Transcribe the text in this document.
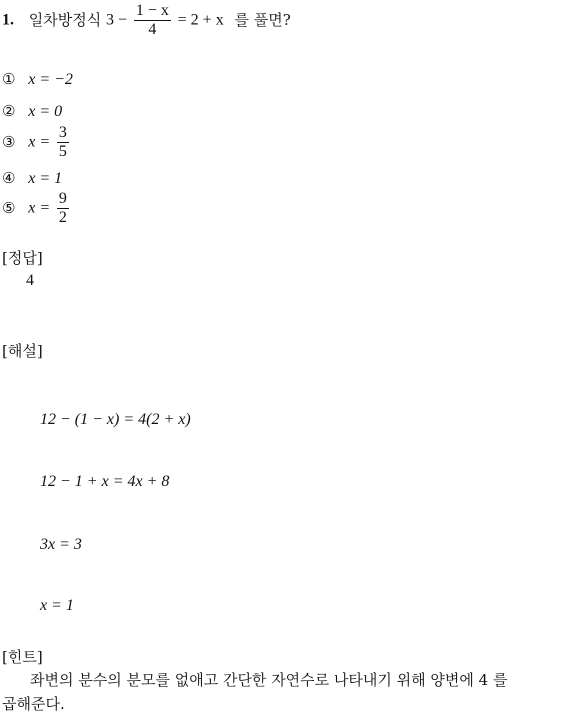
1. 일차방정식 $3 - \frac{1 - x}{4} = 2 + x$ 를 풀면?
① x = −2
② x = 0
③ $x = \frac{3}{5}$
④ x = 1
⑤ $x = \frac{9}{2}$
[정답]
4
[해설]
12 − (1 − x) = 4(2 + x)
12 − 1 + x = 4x + 8
3x = 3
x = 1
[힌트]
좌변의 분수의 분모를 없애고 간단한 자연수로 나타내기 위해 양변에 4 를
곱해준다.
